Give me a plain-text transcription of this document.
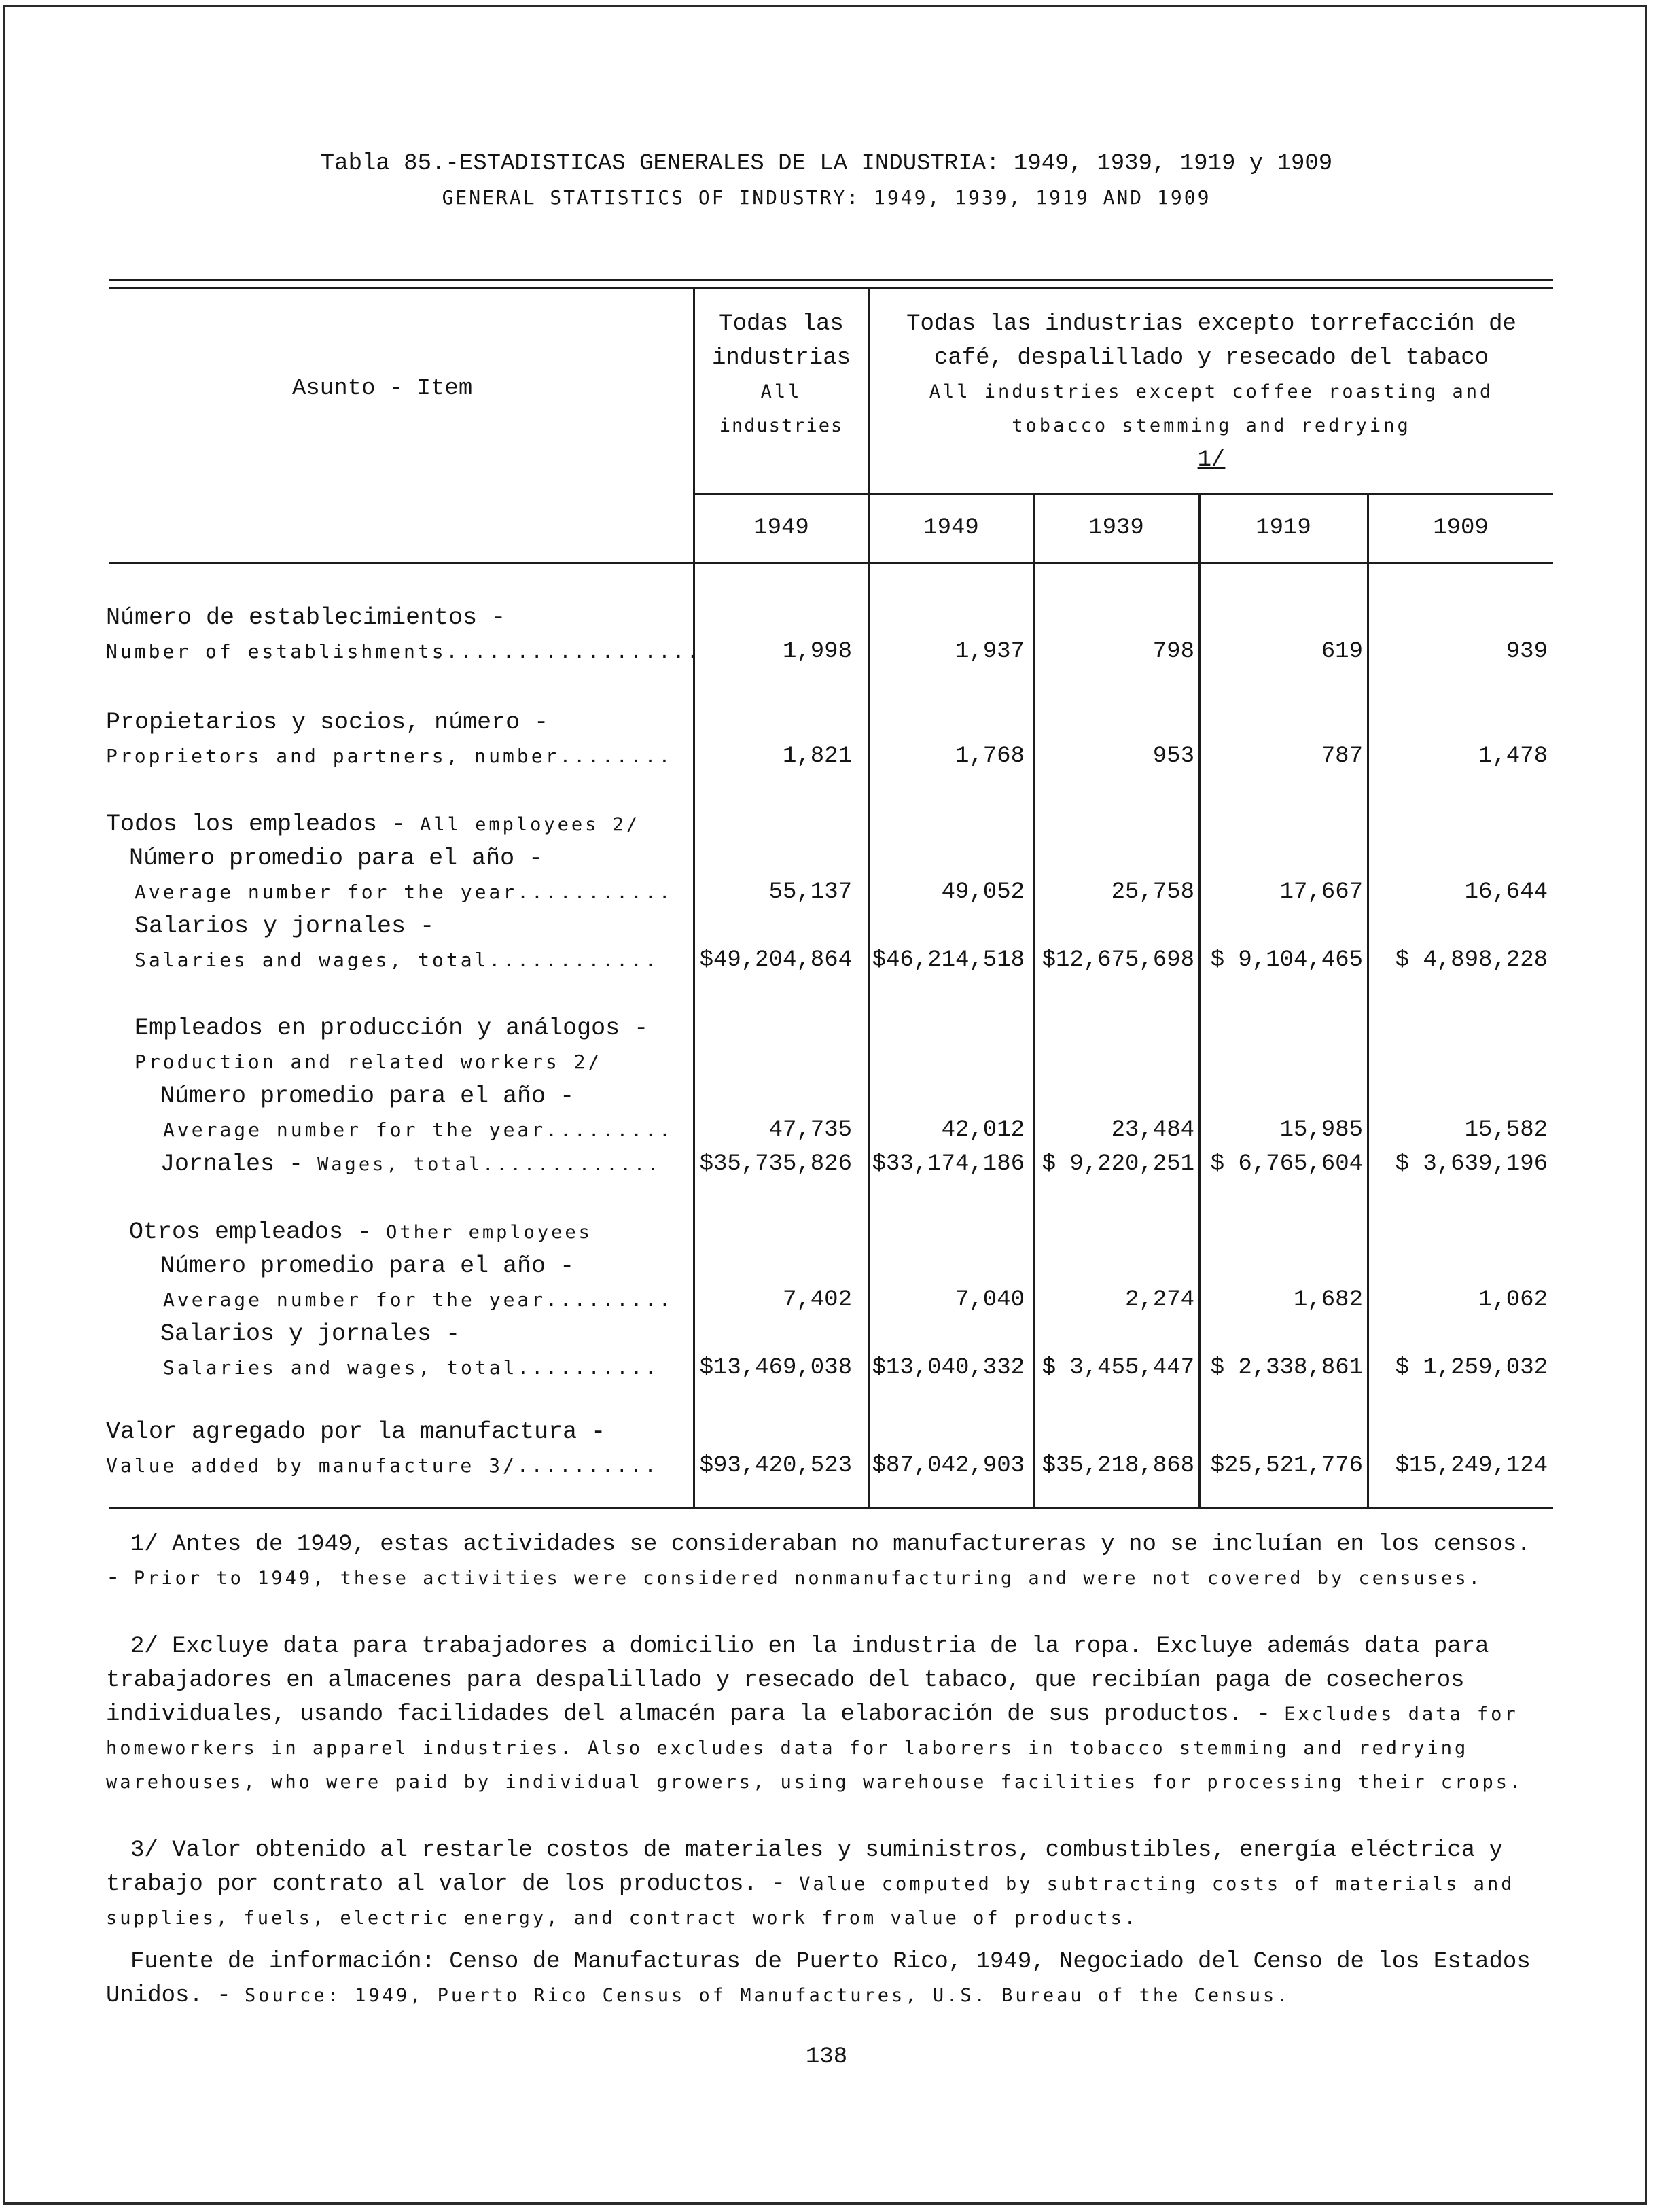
Tabla 85.-ESTADISTICAS GENERALES DE LA INDUSTRIA: 1949, 1939, 1919 y 1909
GENERAL STATISTICS OF INDUSTRY: 1949, 1939, 1919 AND 1909
Asunto - Item
Todas las
industrias
All
industries
Todas las industrias excepto torrefacción de
café, despalillado y resecado del tabaco
All industries except coffee roasting and
tobacco stemming and redrying
1/
1949	1949	1939	1919	1909
Número de establecimientos -
Number of establishments..................	1,998	1,937	798	619	939
Propietarios y socios, número -
Proprietors and partners, number........	1,821	1,768	953	787	1,478
Todos los empleados - All employees 2/
Número promedio para el año -
Average number for the year...........	55,137	49,052	25,758	17,667	16,644
Salarios y jornales -
Salaries and wages, total............ $49,204,864 $46,214,518 $12,675,698 $ 9,104,465	$ 4,898,228
Empleados en producción y análogos -
Production and related workers 2/
Número promedio para el año -
Average number for the year.........	47,735	42,012	23,484	15,985	15,582
Jornales - Wages, total............. $35,735,826 $33,174,186 $ 9,220,251 $ 6,765,604	$ 3,639,196
Otros empleados - Other employees
Número promedio para el año -
Average number for the year.........	7,402	7,040	2,274	1,682	1,062
Salarios y jornales -
Salaries and wages, total.......... $13,469,038 $13,040,332 $ 3,455,447 $ 2,338,861	$ 1,259,032
Valor agregado por la manufactura -
Value added by manufacture 3/.......... $93,420,523 $87,042,903 $35,218,868 $25,521,776	$15,249,124
1/ Antes de 1949, estas actividades se consideraban no manufactureras y no se incluían en los censos. - Prior to 1949, these activities were considered nonmanufacturing and were not covered by censuses.
2/ Excluye data para trabajadores a domicilio en la industria de la ropa. Excluye además data para trabajadores en almacenes para despalillado y resecado del tabaco, que recibían paga de cosecheros individuales, usando facilidades del almacén para la elaboración de sus productos. - Excludes data for homeworkers in apparel industries. Also excludes data for laborers in tobacco stemming and redrying warehouses, who were paid by individual growers, using warehouse facilities for processing their crops.
3/ Valor obtenido al restarle costos de materiales y suministros, combustibles, energía eléctrica y trabajo por contrato al valor de los productos. - Value computed by subtracting costs of materials and supplies, fuels, electric energy, and contract work from value of products.
Fuente de información: Censo de Manufacturas de Puerto Rico, 1949, Negociado del Censo de los Estados Unidos. - Source: 1949, Puerto Rico Census of Manufactures, U.S. Bureau of the Census.
138
